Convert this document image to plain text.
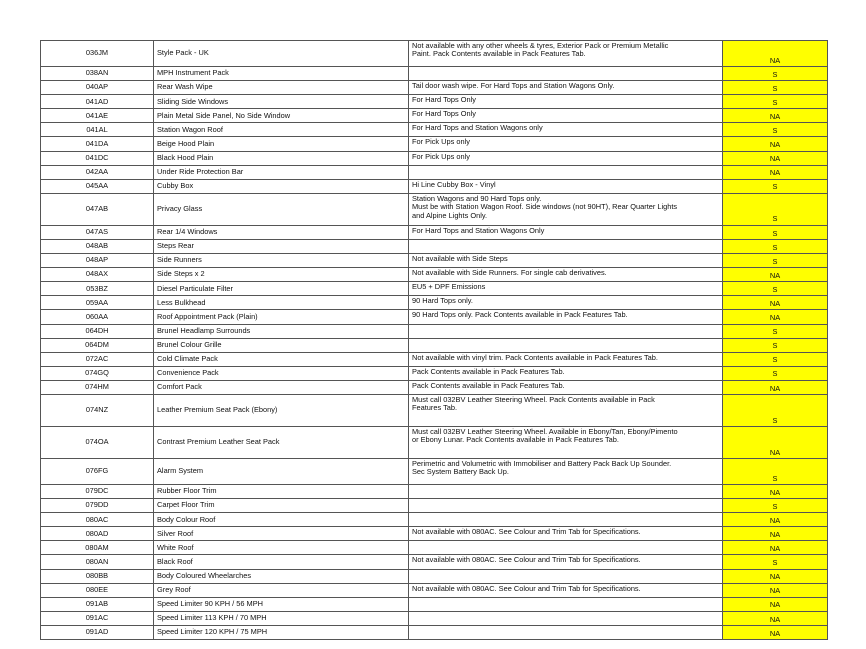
036JM	Style Pack - UK	Not available with any other wheels & tyres, Exterior Pack or Premium Metallic
Paint. Pack Contents available in Pack Features Tab.	NA
038AN	MPH Instrument Pack		S
040AP	Rear Wash Wipe	Tail door wash wipe. For Hard Tops and Station Wagons Only.	S
041AD	Sliding Side Windows	For Hard Tops Only	S
041AE	Plain Metal Side Panel, No Side Window	For Hard Tops Only	NA
041AL	Station Wagon Roof	For Hard Tops and Station Wagons only	S
041DA	Beige Hood Plain	For Pick Ups only	NA
041DC	Black Hood Plain	For Pick Ups only	NA
042AA	Under Ride Protection Bar		NA
045AA	Cubby Box	Hi Line Cubby Box - Vinyl	S
047AB	Privacy Glass	Station Wagons and 90 Hard Tops only.
Must be with Station Wagon Roof. Side windows (not 90HT), Rear Quarter Lights
and Alpine Lights Only.	S
047AS	Rear 1/4 Windows	For Hard Tops and Station Wagons Only	S
048AB	Steps Rear		S
048AP	Side Runners	Not available with Side Steps	S
048AX	Side Steps x 2	Not available with Side Runners. For single cab derivatives.	NA
053BZ	Diesel Particulate Filter	EU5 + DPF Emissions	S
059AA	Less Bulkhead	90 Hard Tops only.	NA
060AA	Roof Appointment Pack (Plain)	90 Hard Tops only. Pack Contents available in Pack Features Tab.	NA
064DH	Brunel Headlamp Surrounds		S
064DM	Brunel Colour Grille		S
072AC	Cold Climate Pack	Not available with vinyl trim. Pack Contents available in Pack Features Tab.	S
074GQ	Convenience Pack	Pack Contents available in Pack Features Tab.	S
074HM	Comfort Pack	Pack Contents available in Pack Features Tab.	NA
074NZ	Leather Premium Seat Pack (Ebony)	Must call 032BV Leather Steering Wheel. Pack Contents available in Pack
Features Tab.	S
074OA	Contrast Premium Leather Seat Pack	Must call 032BV Leather Steering Wheel. Available in Ebony/Tan, Ebony/Pimento
or Ebony Lunar. Pack Contents available in Pack Features Tab.	NA
076FG	Alarm System	Perimetric and Volumetric with Immobiliser and Battery Pack Back Up Sounder.
Sec System Battery Back Up.	S
079DC	Rubber Floor Trim		NA
079DD	Carpet Floor Trim		S
080AC	Body Colour Roof		NA
080AD	Silver Roof	Not available with 080AC. See Colour and Trim Tab for Specifications.	NA
080AM	White Roof		NA
080AN	Black Roof	Not available with 080AC. See Colour and Trim Tab for Specifications.	S
080BB	Body Coloured Wheelarches		NA
080EE	Grey Roof	Not available with 080AC. See Colour and Trim Tab for Specifications.	NA
091AB	Speed Limiter 90 KPH / 56 MPH		NA
091AC	Speed Limiter 113 KPH / 70 MPH		NA
091AD	Speed Limiter 120 KPH / 75 MPH		NA
